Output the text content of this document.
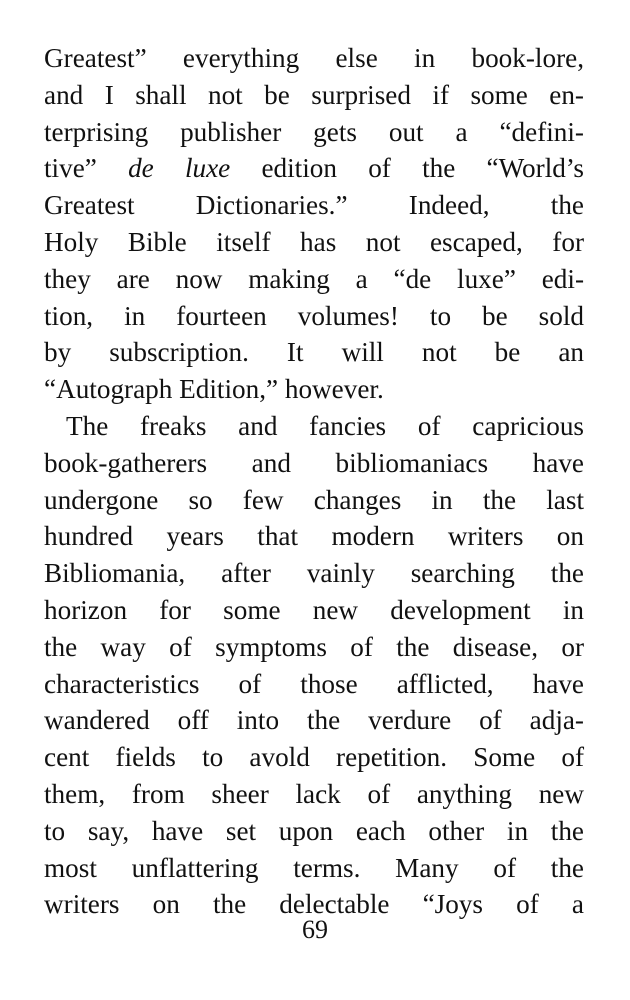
Greatest” everything else in book-lore,
and I shall not be surprised if some en-
terprising publisher gets out a “defini-
tive” de luxe edition of the “World’s
Greatest Dictionaries.” Indeed, the
Holy Bible itself has not escaped, for
they are now making a “de luxe” edi-
tion, in fourteen volumes! to be sold
by subscription. It will not be an
“Autograph Edition,” however.
The freaks and fancies of capricious
book-gatherers and bibliomaniacs have
undergone so few changes in the last
hundred years that modern writers on
Bibliomania, after vainly searching the
horizon for some new development in
the way of symptoms of the disease, or
characteristics of those afflicted, have
wandered off into the verdure of adja-
cent fields to avold repetition. Some of
them, from sheer lack of anything new
to say, have set upon each other in the
most unflattering terms. Many of the
writers on the delectable “Joys of a
69
